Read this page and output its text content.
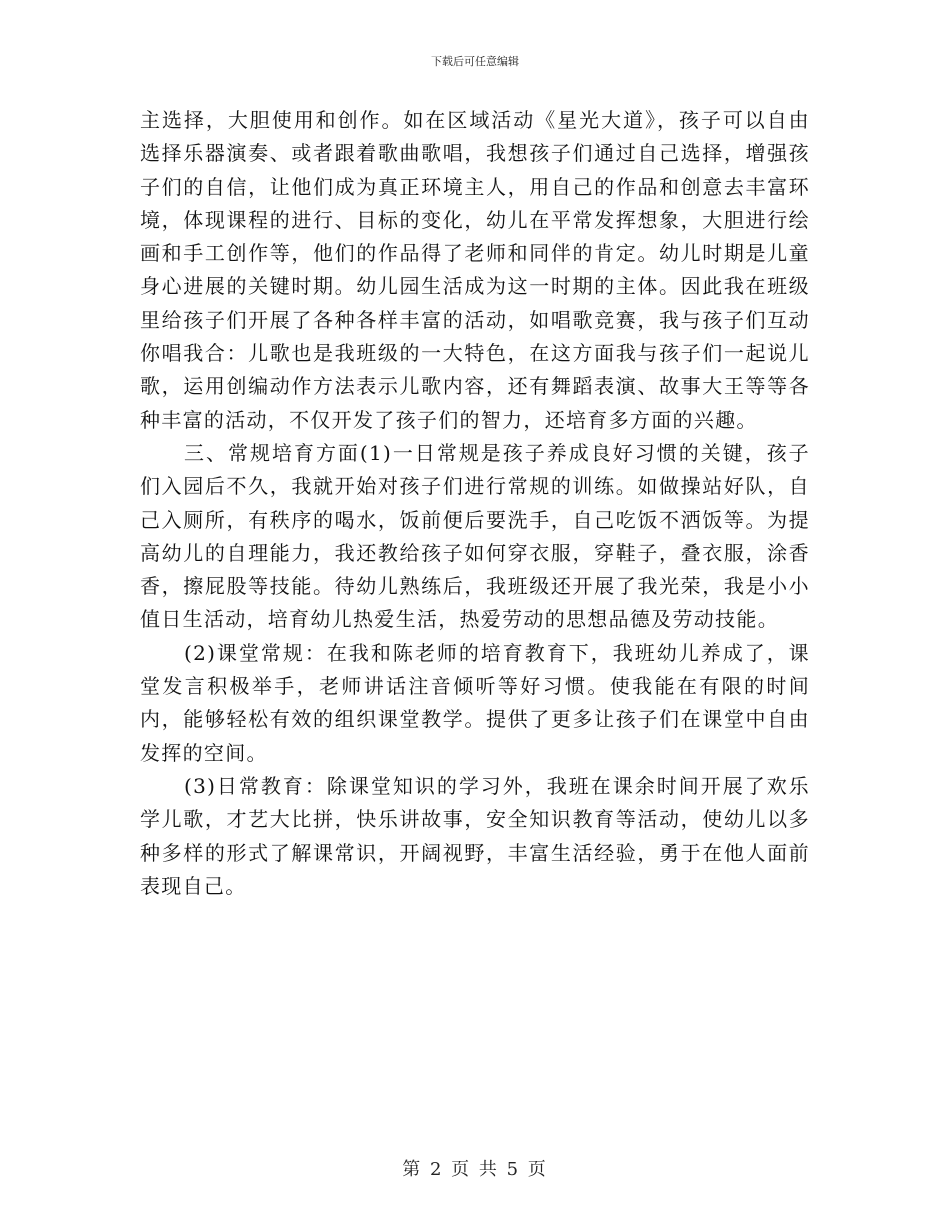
下载后可任意编辑

主选择，大胆使用和创作。如在区域活动《星光大道》，孩子可以自由选择乐器演奏、或者跟着歌曲歌唱，我想孩子们通过自己选择，增强孩子们的自信，让他们成为真正环境主人，用自己的作品和创意去丰富环境，体现课程的进行、目标的变化，幼儿在平常发挥想象，大胆进行绘画和手工创作等，他们的作品得了老师和同伴的肯定。幼儿时期是儿童身心进展的关键时期。幼儿园生活成为这一时期的主体。因此我在班级里给孩子们开展了各种各样丰富的活动，如唱歌竞赛，我与孩子们互动你唱我合：儿歌也是我班级的一大特色，在这方面我与孩子们一起说儿歌，运用创编动作方法表示儿歌内容，还有舞蹈表演、故事大王等等各种丰富的活动，不仅开发了孩子们的智力，还培育多方面的兴趣。

三、常规培育方面(1)一日常规是孩子养成良好习惯的关键，孩子们入园后不久，我就开始对孩子们进行常规的训练。如做操站好队，自己入厕所，有秩序的喝水，饭前便后要洗手，自己吃饭不洒饭等。为提高幼儿的自理能力，我还教给孩子如何穿衣服，穿鞋子，叠衣服，涂香香，擦屁股等技能。待幼儿熟练后，我班级还开展了我光荣，我是小小值日生活动，培育幼儿热爱生活，热爱劳动的思想品德及劳动技能。

(2)课堂常规：在我和陈老师的培育教育下，我班幼儿养成了，课堂发言积极举手，老师讲话注音倾听等好习惯。使我能在有限的时间内，能够轻松有效的组织课堂教学。提供了更多让孩子们在课堂中自由发挥的空间。

(3)日常教育：除课堂知识的学习外，我班在课余时间开展了欢乐学儿歌，才艺大比拼，快乐讲故事，安全知识教育等活动，使幼儿以多种多样的形式了解课常识，开阔视野，丰富生活经验，勇于在他人面前表现自己。

第 2 页 共 5 页
